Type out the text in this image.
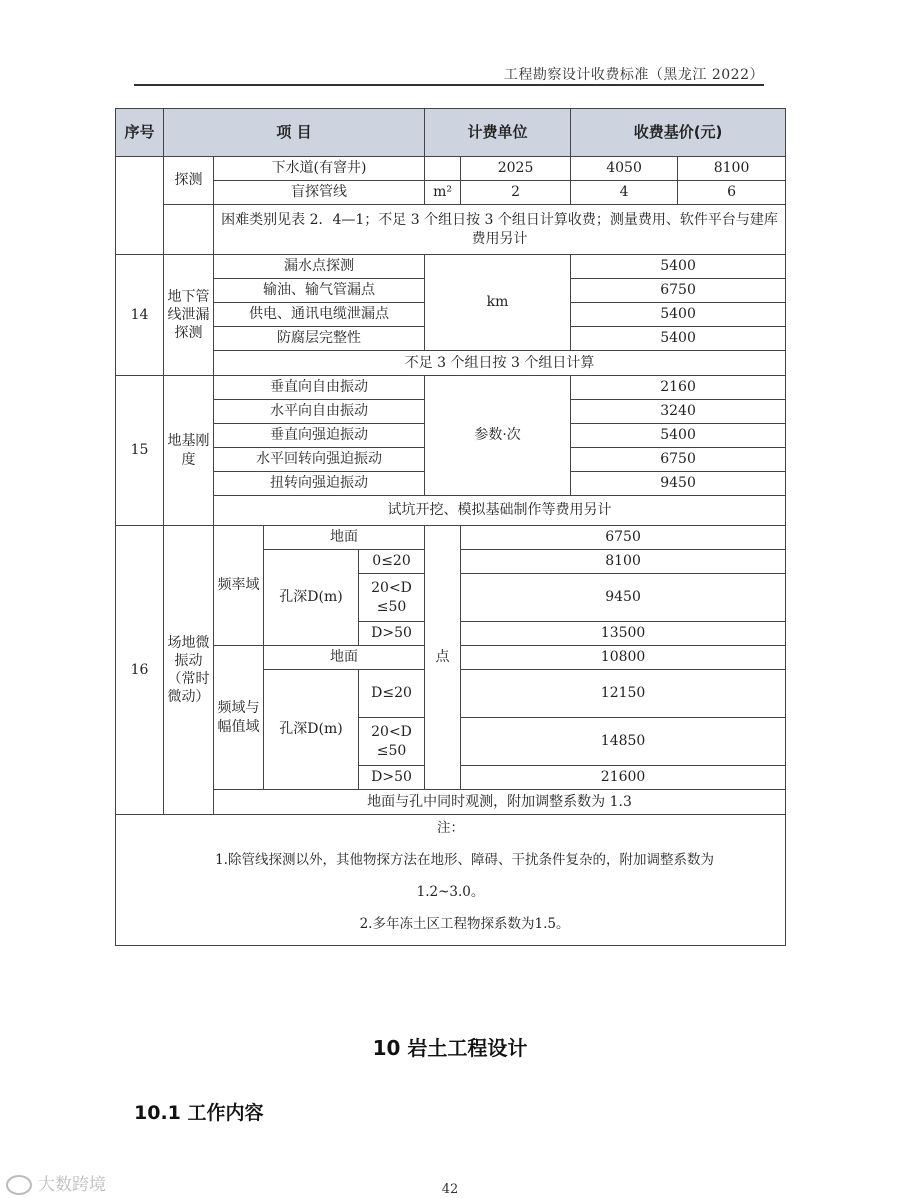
工程勘察设计收费标准（黑龙江 2022）
序号	项 目				计费单位		收费基价(元)	
	探测	下水道(有窨井)				2025	4050	8100
		盲探管线			m²	2	4	6
		困难类别见表 2．4—1；不足 3 个组日按 3 个组日计算收费；测量费用、软件平台与建库费用另计						
14	地下管线泄漏探测	漏水点探测			km		5400	
		输油、输气管漏点					6750	
		供电、通讯电缆泄漏点					5400	
		防腐层完整性					5400	
		不足 3 个组日按 3 个组日计算						
15	地基刚度	垂直向自由振动			参数·次		2160	
		水平向自由振动					3240	
		垂直向强迫振动					5400	
		水平回转向强迫振动					6750	
		扭转向强迫振动					9450	
		试坑开挖、模拟基础制作等费用另计						
16	场地微振动（常时微动）	频率域	地面		点	6750		
			孔深D(m)	0≤20		8100		

				20<D
≤50		9450		
				D>50		13500		
		频域与幅值域	地面			10800		
			孔深D(m)	D≤20		12150		

				20<D
≤50		14850		
				D>50		21600		
		地面与孔中同时观测，附加调整系数为 1.3						

注：
1.除管线探测以外，其他物探方法在地形、障碍、干扰条件复杂的，附加调整系数为
1.2~3.0。
2.多年冻土区工程物探系数为1.5。								
10 岩土工程设计
10.1 工作内容
42
大数跨境
